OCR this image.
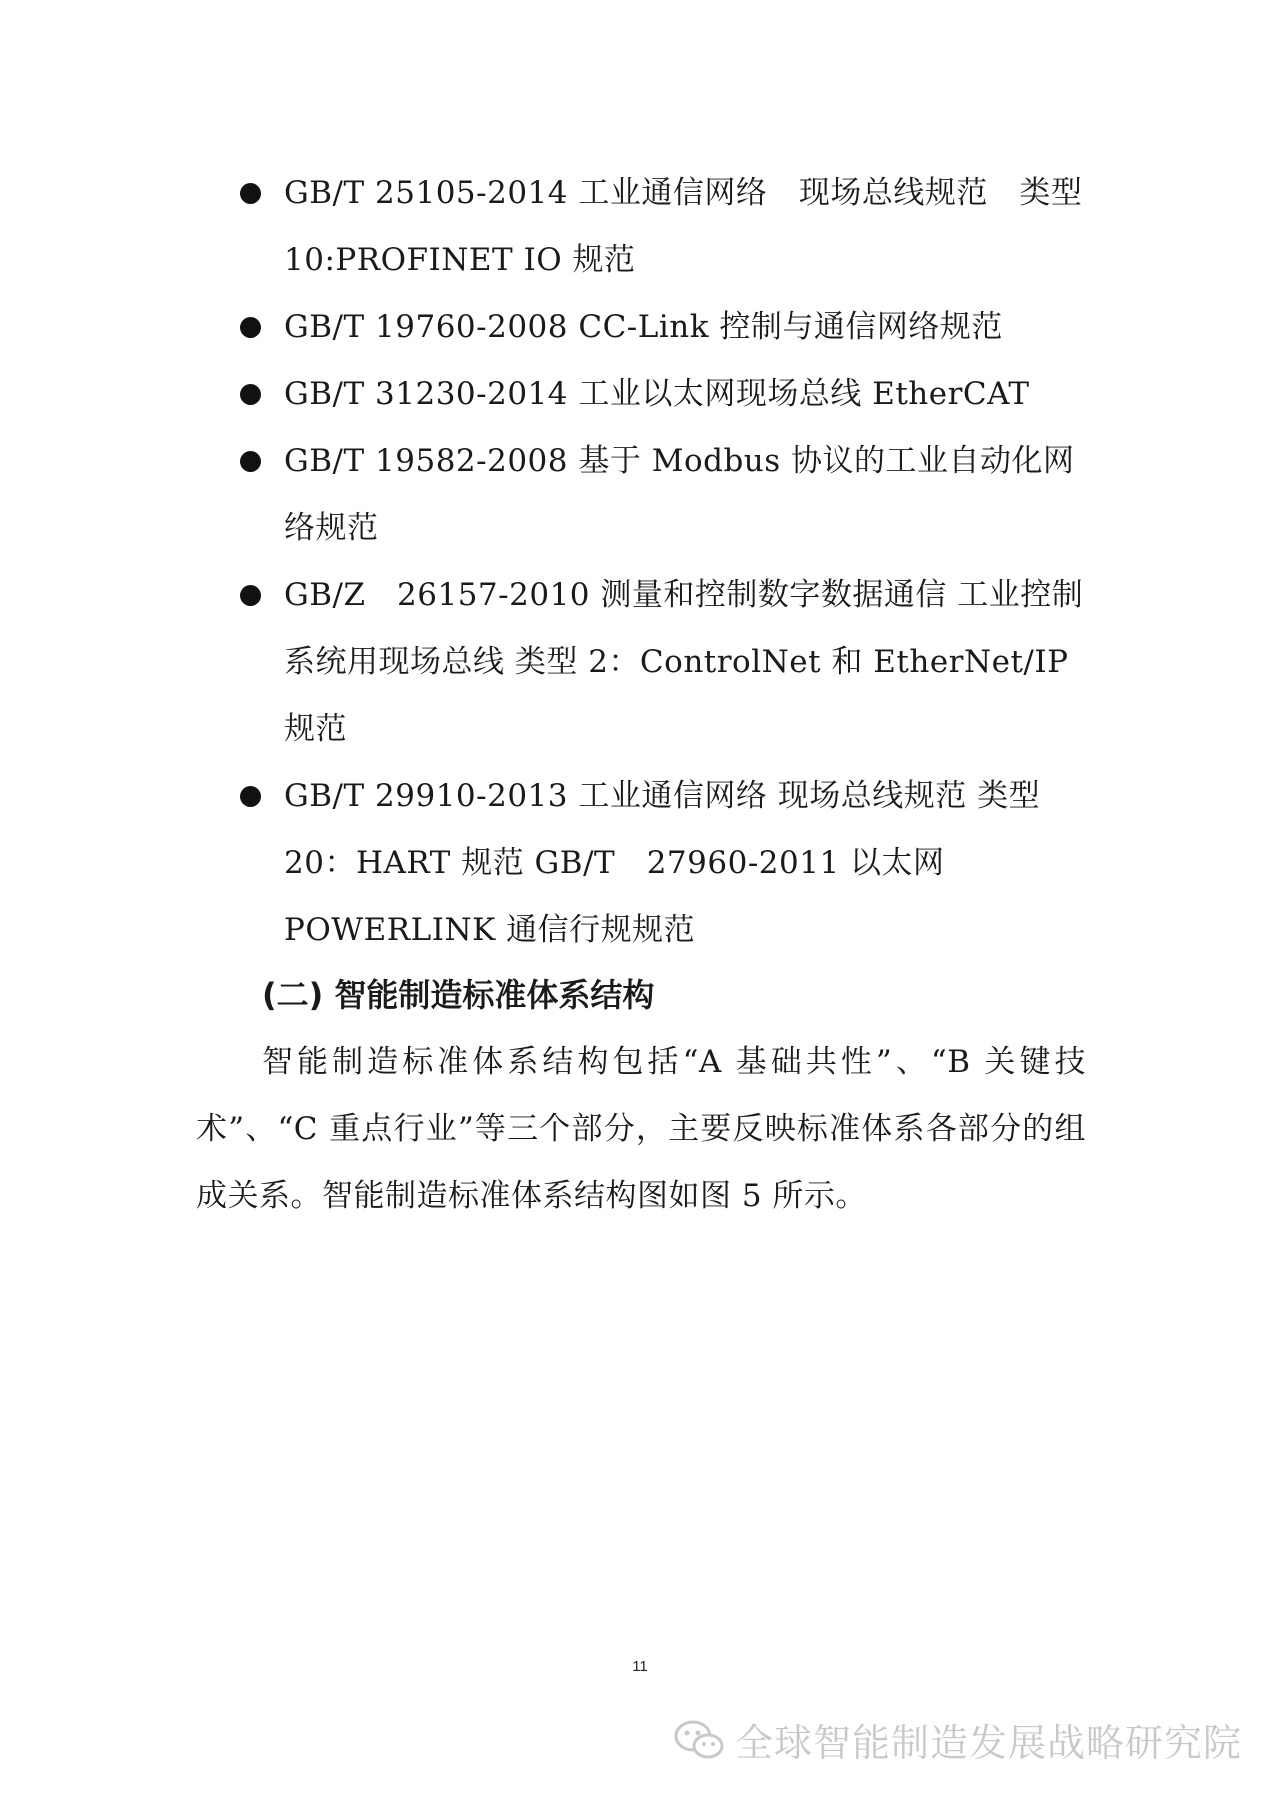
GB/T 25105-2014 工业通信网络　现场总线规范　类型 10:PROFINET IO 规范
GB/T 19760-2008 CC-Link 控制与通信网络规范
GB/T 31230-2014 工业以太网现场总线 EtherCAT
GB/T 19582-2008 基于 Modbus 协议的工业自动化网络规范
GB/Z　26157-2010 测量和控制数字数据通信 工业控制系统用现场总线 类型 2：ControlNet 和 EtherNet/IP 规范
GB/T 29910-2013 工业通信网络 现场总线规范 类型 20：HART 规范 GB/T　27960-2011 以太网 POWERLINK 通信行规规范
(二) 智能制造标准体系结构

智能制造标准体系结构包括“A 基础共性”、“B 关键技术”、“C 重点行业”等三个部分，主要反映标准体系各部分的组成关系。智能制造标准体系结构图如图 5 所示。

11
全球智能制造发展战略研究院
